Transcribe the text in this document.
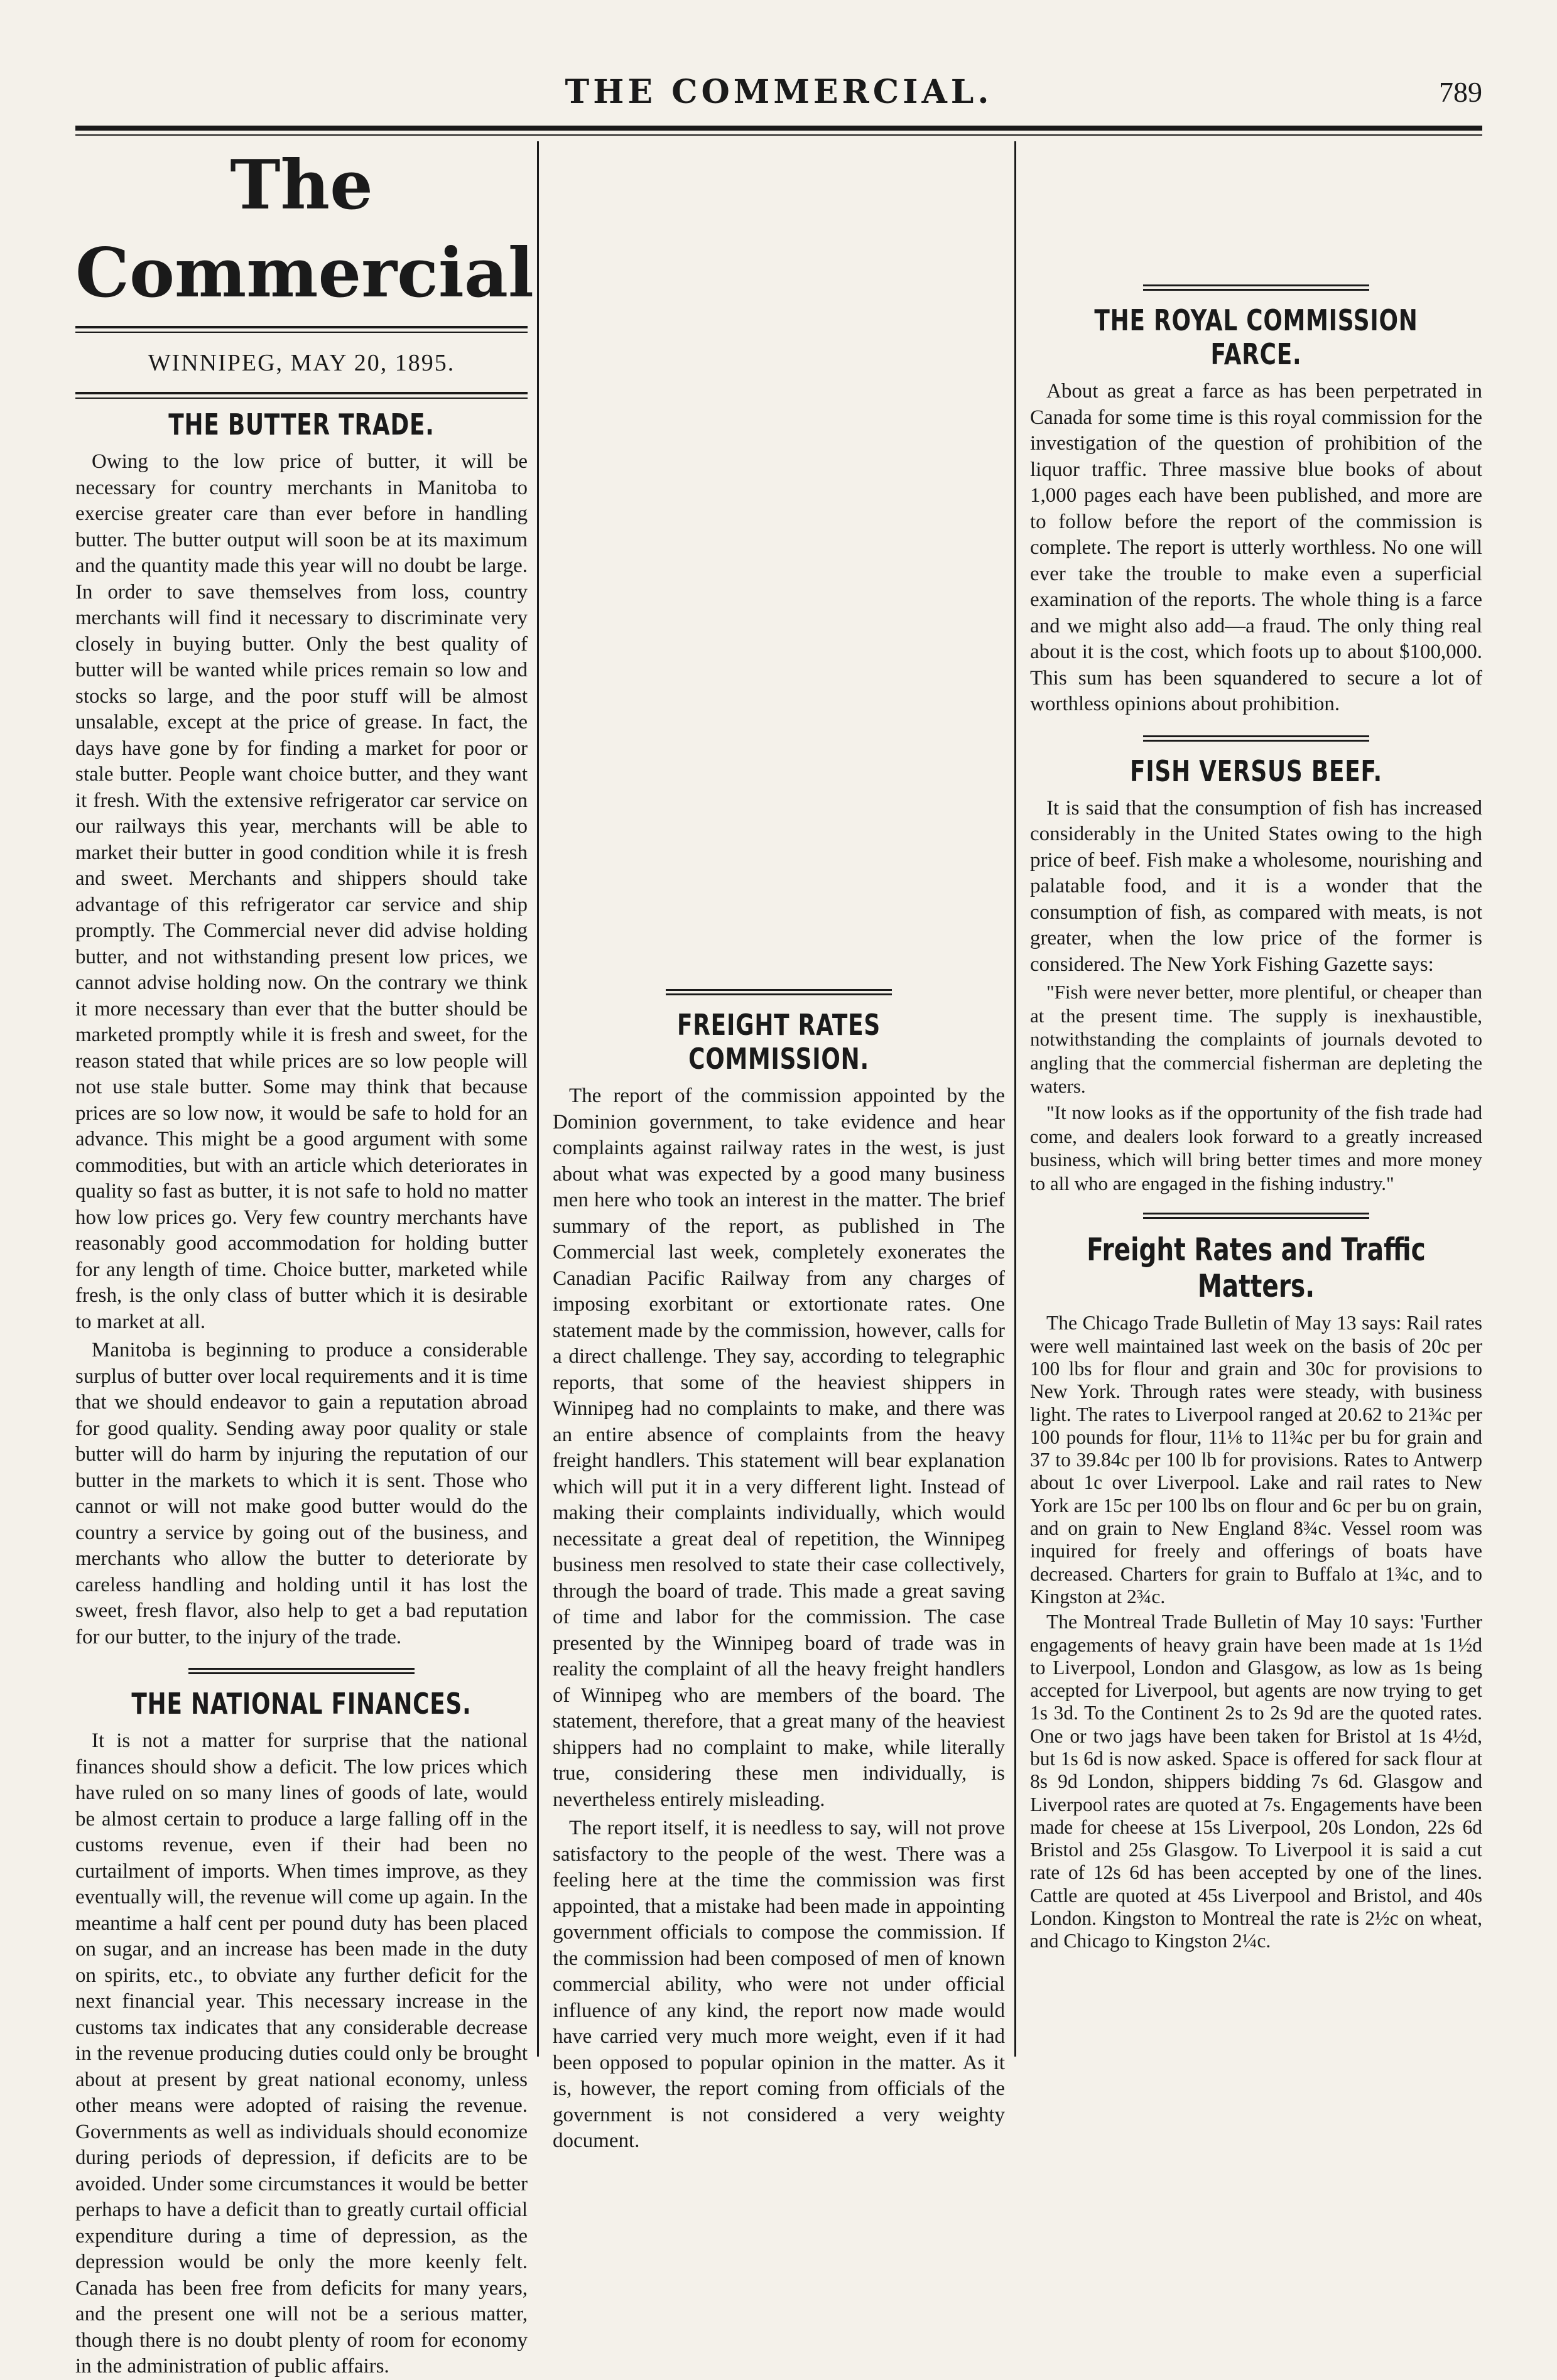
THE COMMERCIAL.	789
The Commercial
WINNIPEG, MAY 20, 1895.
THE BUTTER TRADE.

Owing to the low price of butter, it will be necessary for country merchants in Manitoba to exercise greater care than ever before in handling butter. The butter output will soon be at its maximum and the quantity made this year will no doubt be large. In order to save themselves from loss, country merchants will find it necessary to discriminate very closely in buying butter. Only the best quality of butter will be wanted while prices remain so low and stocks so large, and the poor stuff will be almost unsalable, except at the price of grease. In fact, the days have gone by for finding a market for poor or stale butter. People want choice butter, and they want it fresh. With the extensive refrigerator car service on our railways this year, merchants will be able to market their butter in good condition while it is fresh and sweet. Merchants and shippers should take advantage of this refrigerator car service and ship promptly. The Commercial never did advise holding butter, and not withstanding present low prices, we cannot advise holding now. On the contrary we think it more necessary than ever that the butter should be marketed promptly while it is fresh and sweet, for the reason stated that while prices are so low people will not use stale butter. Some may think that because prices are so low now, it would be safe to hold for an advance. This might be a good argument with some commodities, but with an article which deteriorates in quality so fast as butter, it is not safe to hold no matter how low prices go. Very few country merchants have reasonably good accommodation for holding butter for any length of time. Choice butter, marketed while fresh, is the only class of butter which it is desirable to market at all.

Manitoba is beginning to produce a considerable surplus of butter over local requirements and it is time that we should endeavor to gain a reputation abroad for good quality. Sending away poor quality or stale butter will do harm by injuring the reputation of our butter in the markets to which it is sent. Those who cannot or will not make good butter would do the country a service by going out of the business, and merchants who allow the butter to deteriorate by careless handling and holding until it has lost the sweet, fresh flavor, also help to get a bad reputation for our butter, to the injury of the trade.

THE NATIONAL FINANCES.

It is not a matter for surprise that the national finances should show a deficit. The low prices which have ruled on so many lines of goods of late, would be almost certain to produce a large falling off in the customs revenue, even if their had been no curtailment of imports. When times improve, as they eventually will, the revenue will come up again. In the meantime a half cent per pound duty has been placed on sugar, and an increase has been made in the duty on spirits, etc., to obviate any further deficit for the next financial year. This necessary increase in the customs tax indicates that any considerable decrease in the revenue producing duties could only be brought about at present by great national economy, unless other means were adopted of raising the revenue. Governments as well as individuals should economize during periods of depression, if deficits are to be avoided. Under some circumstances it would be better perhaps to have a deficit than to greatly curtail official expenditure during a time of depression, as the depression would be only the more keenly felt. Canada has been free from deficits for many years, and the present one will not be a serious matter, though there is no doubt plenty of room for economy in the administration of public affairs.

FREIGHT RATES COMMISSION.

The report of the commission appointed by the Dominion government, to take evidence and hear complaints against railway rates in the west, is just about what was expected by a good many business men here who took an interest in the matter. The brief summary of the report, as published in The Commercial last week, completely exonerates the Canadian Pacific Railway from any charges of imposing exorbitant or extortionate rates. One statement made by the commission, however, calls for a direct challenge. They say, according to telegraphic reports, that some of the heaviest shippers in Winnipeg had no complaints to make, and there was an entire absence of complaints from the heavy freight handlers. This statement will bear explanation which will put it in a very different light. Instead of making their complaints individually, which would necessitate a great deal of repetition, the Winnipeg business men resolved to state their case collectively, through the board of trade. This made a great saving of time and labor for the commission. The case presented by the Winnipeg board of trade was in reality the complaint of all the heavy freight handlers of Winnipeg who are members of the board. The statement, therefore, that a great many of the heaviest shippers had no complaint to make, while literally true, considering these men individually, is nevertheless entirely misleading.

The report itself, it is needless to say, will not prove satisfactory to the people of the west. There was a feeling here at the time the commission was first appointed, that a mistake had been made in appointing government officials to compose the commission. If the commission had been composed of men of known commercial ability, who were not under official influence of any kind, the report now made would have carried very much more weight, even if it had been opposed to popular opinion in the matter. As it is, however, the report coming from officials of the government is not considered a very weighty document.

THE ROYAL COMMISSION FARCE.

About as great a farce as has been perpetrated in Canada for some time is this royal commission for the investigation of the question of prohibition of the liquor traffic. Three massive blue books of about 1,000 pages each have been published, and more are to follow before the report of the commission is complete. The report is utterly worthless. No one will ever take the trouble to make even a superficial examination of the reports. The whole thing is a farce and we might also add—a fraud. The only thing real about it is the cost, which foots up to about $100,000. This sum has been squandered to secure a lot of worthless opinions about prohibition.

FISH VERSUS BEEF.

It is said that the consumption of fish has increased considerably in the United States owing to the high price of beef. Fish make a wholesome, nourishing and palatable food, and it is a wonder that the consumption of fish, as compared with meats, is not greater, when the low price of the former is considered. The New York Fishing Gazette says:

"Fish were never better, more plentiful, or cheaper than at the present time. The supply is inexhaustible, notwithstanding the complaints of journals devoted to angling that the commercial fisherman are depleting the waters.

"It now looks as if the opportunity of the fish trade had come, and dealers look forward to a greatly increased business, which will bring better times and more money to all who are engaged in the fishing industry."

Freight Rates and Traffic Matters.

The Chicago Trade Bulletin of May 13 says: Rail rates were well maintained last week on the basis of 20c per 100 lbs for flour and grain and 30c for provisions to New York. Through rates were steady, with business light. The rates to Liverpool ranged at 20.62 to 21¾c per 100 pounds for flour, 11⅛ to 11¾c per bu for grain and 37 to 39.84c per 100 lb for provisions. Rates to Antwerp about 1c over Liverpool. Lake and rail rates to New York are 15c per 100 lbs on flour and 6c per bu on grain, and on grain to New England 8¾c. Vessel room was inquired for freely and offerings of boats have decreased. Charters for grain to Buffalo at 1¾c, and to Kingston at 2¾c.

The Montreal Trade Bulletin of May 10 says: 'Further engagements of heavy grain have been made at 1s 1½d to Liverpool, London and Glasgow, as low as 1s being accepted for Liverpool, but agents are now trying to get 1s 3d. To the Continent 2s to 2s 9d are the quoted rates. One or two jags have been taken for Bristol at 1s 4½d, but 1s 6d is now asked. Space is offered for sack flour at 8s 9d London, shippers bidding 7s 6d. Glasgow and Liverpool rates are quoted at 7s. Engagements have been made for cheese at 15s Liverpool, 20s London, 22s 6d Bristol and 25s Glasgow. To Liverpool it is said a cut rate of 12s 6d has been accepted by one of the lines. Cattle are quoted at 45s Liverpool and Bristol, and 40s London. Kingston to Montreal the rate is 2½c on wheat, and Chicago to Kingston 2¼c.
